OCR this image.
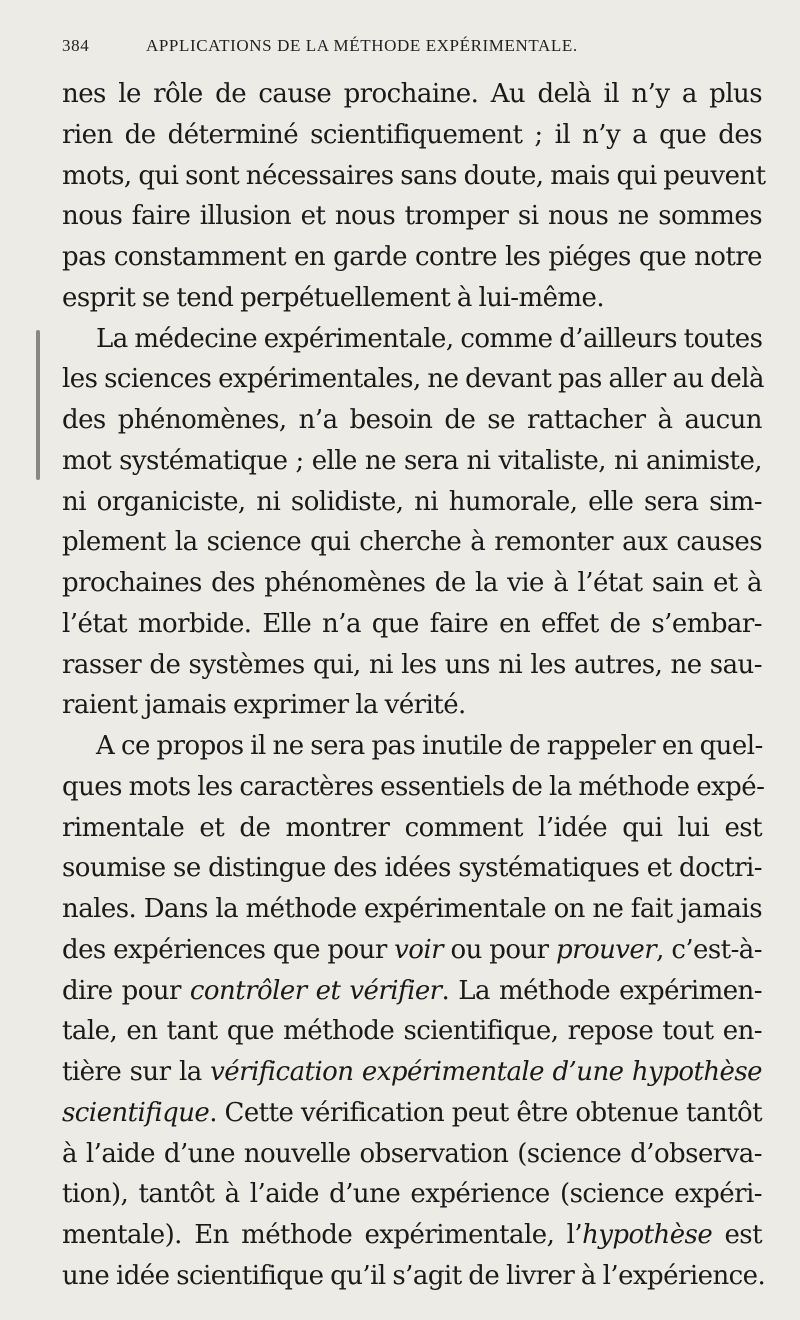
384	APPLICATIONS DE LA MÉTHODE EXPÉRIMENTALE.
nes le rôle de cause prochaine. Au delà il n’y a plus
rien de déterminé scientifiquement ; il n’y a que des
mots, qui sont nécessaires sans doute, mais qui peuvent
nous faire illusion et nous tromper si nous ne sommes
pas constamment en garde contre les piéges que notre
esprit se tend perpétuellement à lui-même.
La médecine expérimentale, comme d’ailleurs toutes
les sciences expérimentales, ne devant pas aller au delà
des phénomènes, n’a besoin de se rattacher à aucun
mot systématique ; elle ne sera ni vitaliste, ni animiste,
ni organiciste, ni solidiste, ni humorale, elle sera sim-
plement la science qui cherche à remonter aux causes
prochaines des phénomènes de la vie à l’état sain et à
l’état morbide. Elle n’a que faire en effet de s’embar-
rasser de systèmes qui, ni les uns ni les autres, ne sau-
raient jamais exprimer la vérité.
A ce propos il ne sera pas inutile de rappeler en quel-
ques mots les caractères essentiels de la méthode expé-
rimentale et de montrer comment l’idée qui lui est
soumise se distingue des idées systématiques et doctri-
nales. Dans la méthode expérimentale on ne fait jamais
des expériences que pour voir ou pour prouver, c’est-à-
dire pour contrôler et vérifier. La méthode expérimen-
tale, en tant que méthode scientifique, repose tout en-
tière sur la vérification expérimentale d’une hypothèse
scientifique. Cette vérification peut être obtenue tantôt
à l’aide d’une nouvelle observation (science d’observa-
tion), tantôt à l’aide d’une expérience (science expéri-
mentale). En méthode expérimentale, l’hypothèse est
une idée scientifique qu’il s’agit de livrer à l’expérience.
